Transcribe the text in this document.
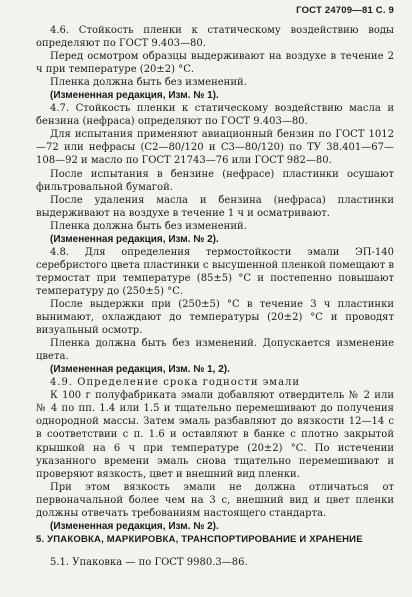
ГОСТ 24709—81 С. 9

4.6. Стойкость пленки к статическому воздействию воды определяют по ГОСТ 9.403—80.

Перед осмотром образцы выдерживают на воздухе в течение 2 ч при температуре (20±2) °С.

Пленка должна быть без изменений.

(Измененная редакция, Изм. № 1).

4.7. Стойкость пленки к статическому воздействию масла и бензина (нефраса) определяют по ГОСТ 9.403—80.

Для испытания применяют авиационный бензин по ГОСТ 1012—72 или нефрасы (С2—80/120 и С3—80/120) по ТУ 38.401—67—108—92 и масло по ГОСТ 21743—76 или ГОСТ 982—80.

После испытания в бензине (нефрасе) пластинки осушают фильтровальной бумагой.

После удаления масла и бензина (нефраса) пластинки выдерживают на воздухе в течение 1 ч и осматривают.

Пленка должна быть без изменений.

(Измененная редакция, Изм. № 2).

4.8. Для определения термостойкости эмали ЭП-140 серебристого цвета пластинки с высушенной пленкой помещают в термостат при температуре (85±5) °С и постепенно повышают температуру до (250±5) °С.

После выдержки при (250±5) °С в течение 3 ч пластинки вынимают, охлаждают до температуры (20±2) °С и проводят визуальный осмотр.

Пленка должна быть без изменений. Допускается изменение цвета.

(Измененная редакция, Изм. № 1, 2).

4.9. Определение срока годности эмали

К 100 г полуфабриката эмали добавляют отвердитель № 2 или № 4 по пп. 1.4 или 1.5 и тщательно перемешивают до получения однородной массы. Затем эмаль разбавляют до вязкости 12—14 с в соответствии с п. 1.6 и оставляют в банке с плотно закрытой крышкой на 6 ч при температуре (20±2) °С. По истечении указанного времени эмаль снова тщательно перемешивают и проверяют вязкость, цвет и внешний вид пленки.

При этом вязкость эмали не должна отличаться от первоначальной более чем на 3 с, внешний вид и цвет пленки должны отвечать требованиям настоящего стандарта.

(Измененная редакция, Изм. № 2).

5. УПАКОВКА, МАРКИРОВКА, ТРАНСПОРТИРОВАНИЕ И ХРАНЕНИЕ

5.1. Упаковка — по ГОСТ 9980.3—86.
